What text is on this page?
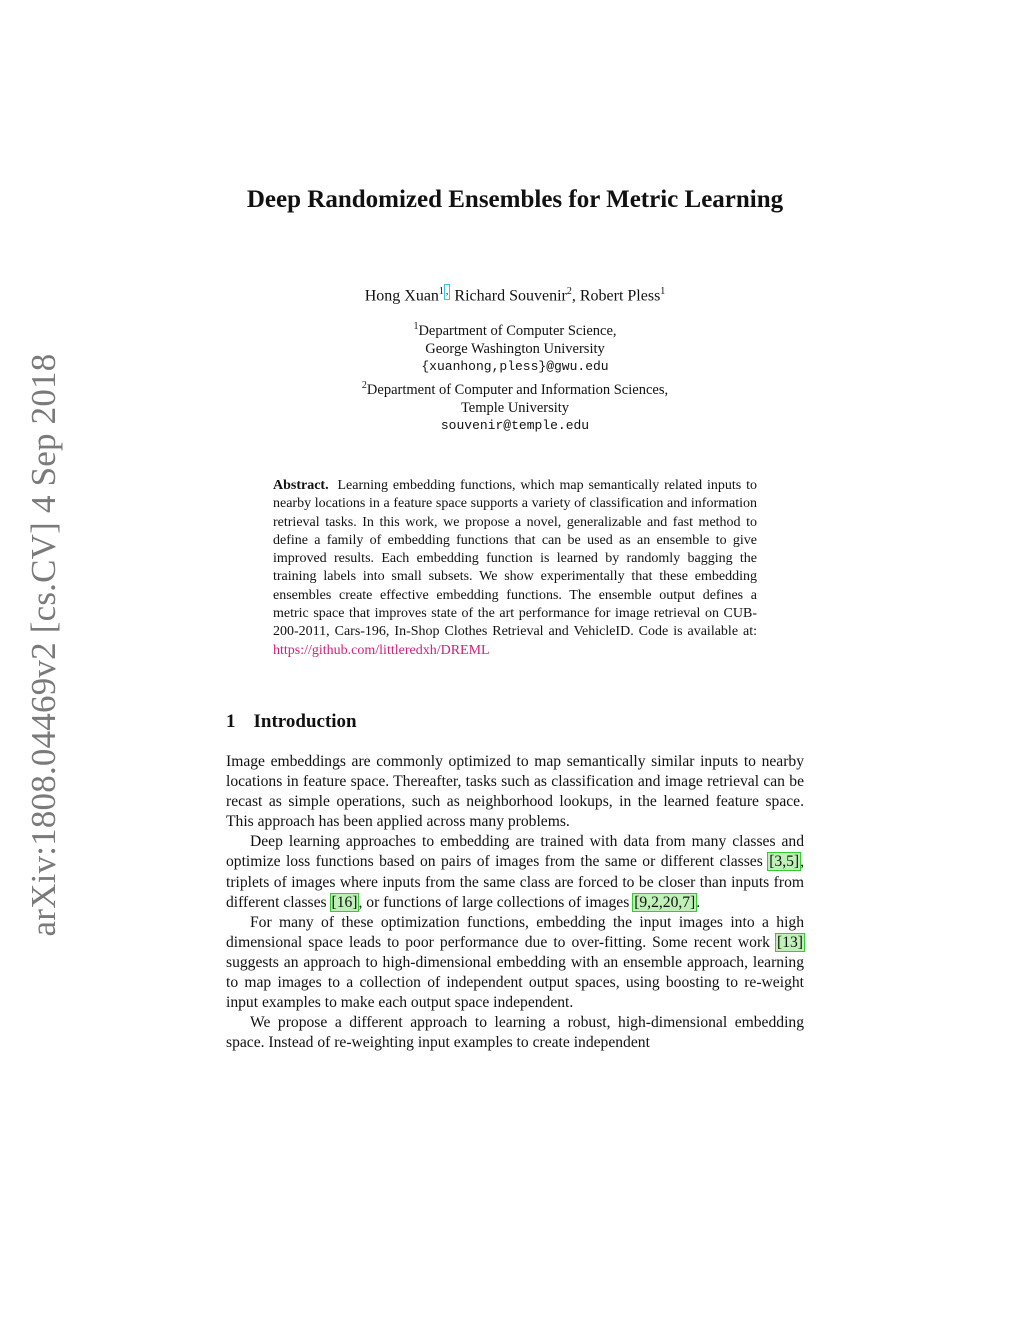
arXiv:1808.04469v2 [cs.CV] 4 Sep 2018
Deep Randomized Ensembles for Metric Learning
Hong Xuan$^1$ , Richard Souvenir$^2$, Robert Pless$^1$
$^1$Department of Computer Science,
George Washington University
{xuanhong,pless}@gwu.edu
$^2$Department of Computer and Information Sciences,
Temple University
souvenir@temple.edu
Abstract. Learning embedding functions, which map semantically related inputs to nearby locations in a feature space supports a variety of classification and information retrieval tasks. In this work, we propose a novel, generalizable and fast method to define a family of embedding functions that can be used as an ensemble to give improved results. Each embedding function is learned by randomly bagging the training labels into small subsets. We show experimentally that these embedding ensembles create effective embedding functions. The ensemble output defines a metric space that improves state of the art performance for image retrieval on CUB-200-2011, Cars-196, In-Shop Clothes Retrieval and VehicleID. Code is available at: https://github.com/littleredxh/DREML
1 Introduction

Image embeddings are commonly optimized to map semantically similar inputs to nearby locations in feature space. Thereafter, tasks such as classification and image retrieval can be recast as simple operations, such as neighborhood lookups, in the learned feature space. This approach has been applied across many problems.

Deep learning approaches to embedding are trained with data from many classes and optimize loss functions based on pairs of images from the same or different classes [3,5], triplets of images where inputs from the same class are forced to be closer than inputs from different classes [16], or functions of large collections of images [9,2,20,7].

For many of these optimization functions, embedding the input images into a high dimensional space leads to poor performance due to over-fitting. Some recent work [13] suggests an approach to high-dimensional embedding with an ensemble approach, learning to map images to a collection of independent output spaces, using boosting to re-weight input examples to make each output space independent.

We propose a different approach to learning a robust, high-dimensional embedding space. Instead of re-weighting input examples to create independent
